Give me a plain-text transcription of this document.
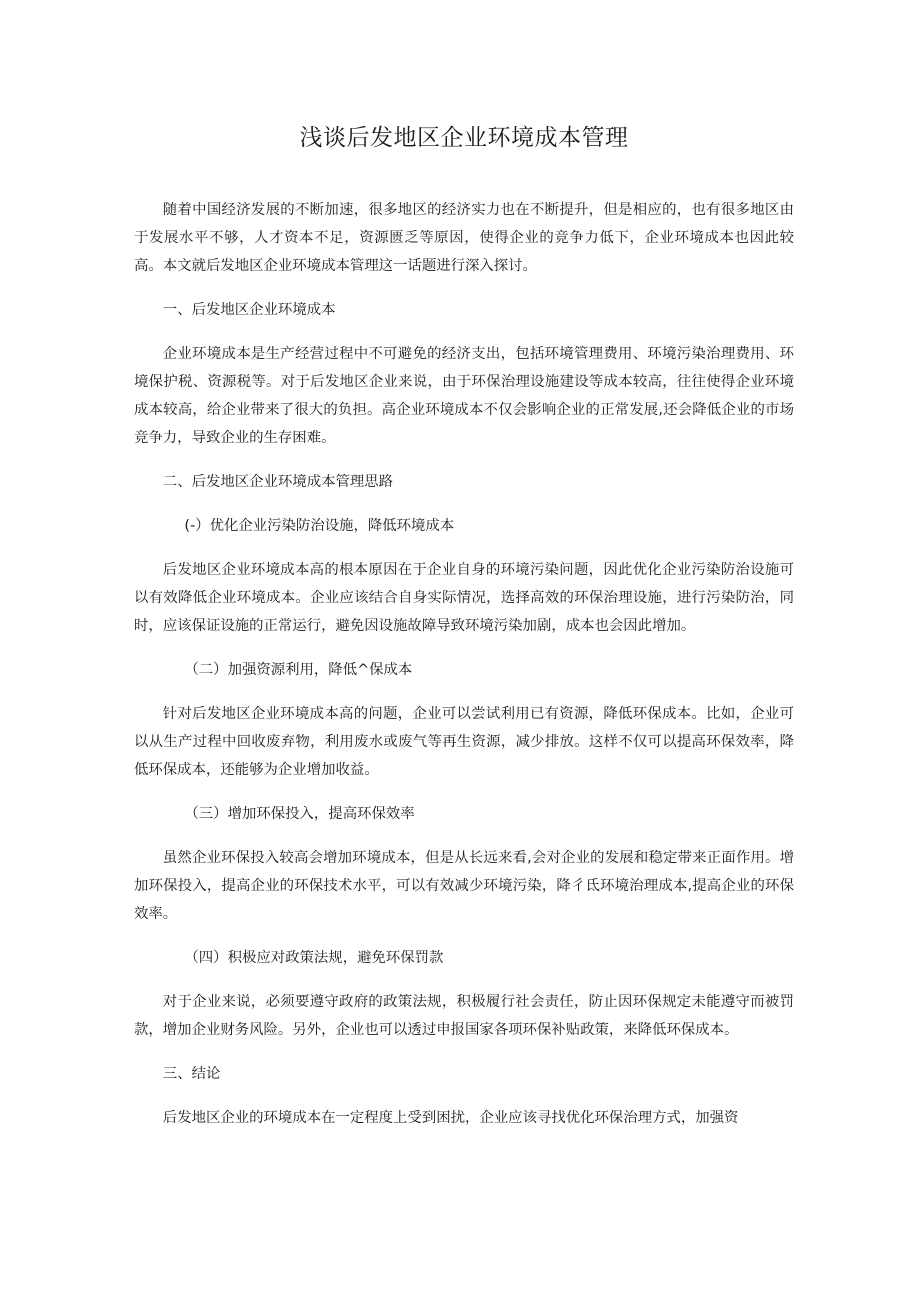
浅谈后发地区企业环境成本管理

随着中国经济发展的不断加速，很多地区的经济实力也在不断提升，但是相应的，也有很多地区由于发展水平不够，人才资本不足，资源匮乏等原因，使得企业的竞争力低下，企业环境成本也因此较高。本文就后发地区企业环境成本管理这一话题进行深入探讨。

一、后发地区企业环境成本

企业环境成本是生产经营过程中不可避免的经济支出，包括环境管理费用、环境污染治理费用、环境保护税、资源税等。对于后发地区企业来说，由于环保治理设施建设等成本较高，往往使得企业环境成本较高，给企业带来了很大的负担。高企业环境成本不仅会影响企业的正常发展,还会降低企业的市场竞争力，导致企业的生存困难。

二、后发地区企业环境成本管理思路

(-）优化企业污染防治设施，降低环境成本

后发地区企业环境成本高的根本原因在于企业自身的环境污染问题，因此优化企业污染防治设施可以有效降低企业环境成本。企业应该结合自身实际情况，选择高效的环保治理设施，进行污染防治，同时，应该保证设施的正常运行，避免因设施故障导致环境污染加剧，成本也会因此增加。

（二）加强资源利用，降低^保成本

针对后发地区企业环境成本高的问题，企业可以尝试利用已有资源，降低环保成本。比如，企业可以从生产过程中回收废弃物，利用废水或废气等再生资源，减少排放。这样不仅可以提高环保效率，降低环保成本，还能够为企业增加收益。

（三）增加环保投入，提高环保效率

虽然企业环保投入较高会增加环境成本，但是从长远来看,会对企业的发展和稳定带来正面作用。增加环保投入，提高企业的环保技术水平，可以有效减少环境污染，降彳氐环境治理成本,提高企业的环保效率。

（四）积极应对政策法规，避免环保罚款

对于企业来说，必须要遵守政府的政策法规，积极履行社会责任，防止因环保规定未能遵守而被罚款，增加企业财务风险。另外，企业也可以透过申报国家各项环保补贴政策，来降低环保成本。

三、结论

后发地区企业的环境成本在一定程度上受到困扰，企业应该寻找优化环保治理方式，加强资
